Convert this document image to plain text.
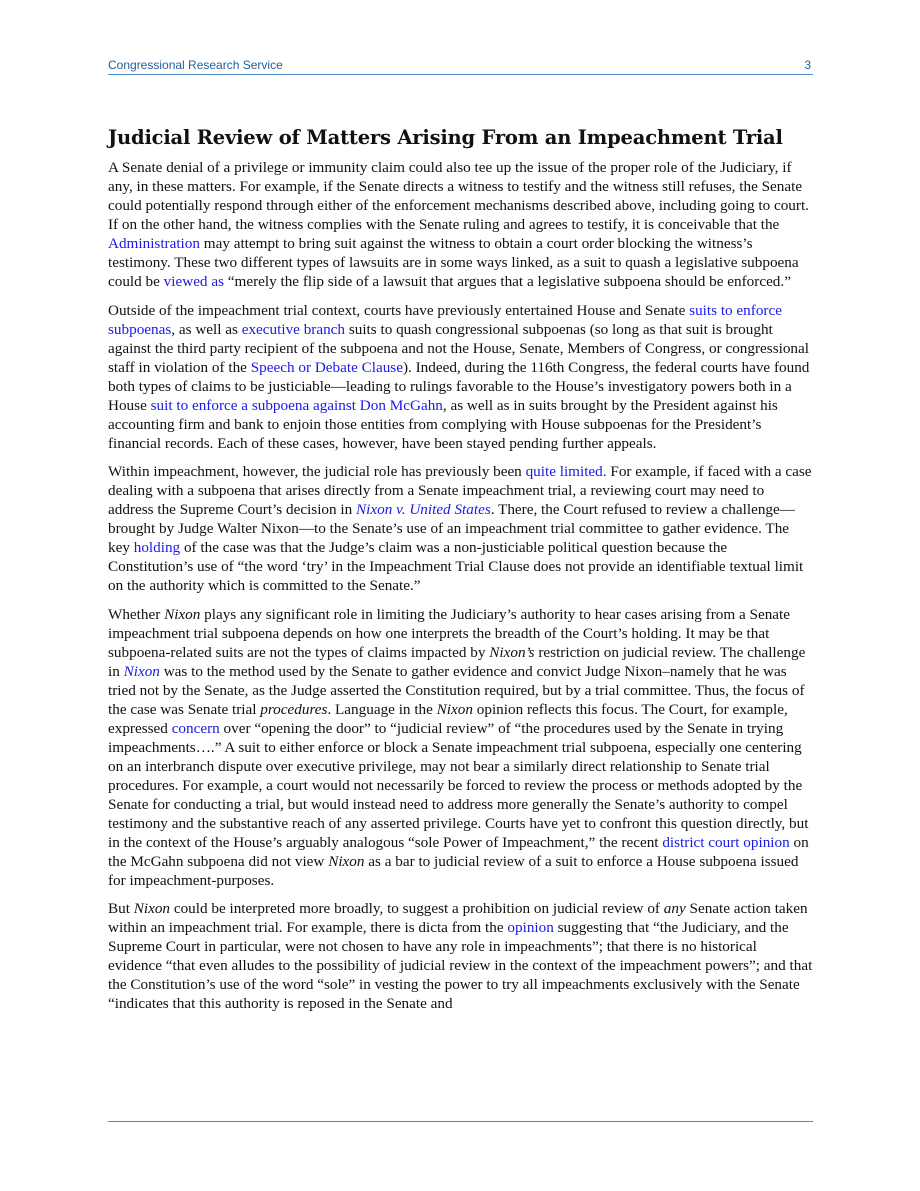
Congressional Research Service	3
Judicial Review of Matters Arising From an Impeachment Trial

A Senate denial of a privilege or immunity claim could also tee up the issue of the proper role of the Judiciary, if any, in these matters. For example, if the Senate directs a witness to testify and the witness still refuses, the Senate could potentially respond through either of the enforcement mechanisms described above, including going to court. If on the other hand, the witness complies with the Senate ruling and agrees to testify, it is conceivable that the Administration may attempt to bring suit against the witness to obtain a court order blocking the witness’s testimony. These two different types of lawsuits are in some ways linked, as a suit to quash a legislative subpoena could be viewed as “merely the flip side of a lawsuit that argues that a legislative subpoena should be enforced.”

Outside of the impeachment trial context, courts have previously entertained House and Senate suits to enforce subpoenas, as well as executive branch suits to quash congressional subpoenas (so long as that suit is brought against the third party recipient of the subpoena and not the House, Senate, Members of Congress, or congressional staff in violation of the Speech or Debate Clause). Indeed, during the 116th Congress, the federal courts have found both types of claims to be justiciable—leading to rulings favorable to the House’s investigatory powers both in a House suit to enforce a subpoena against Don McGahn, as well as in suits brought by the President against his accounting firm and bank to enjoin those entities from complying with House subpoenas for the President’s financial records. Each of these cases, however, have been stayed pending further appeals.

Within impeachment, however, the judicial role has previously been quite limited. For example, if faced with a case dealing with a subpoena that arises directly from a Senate impeachment trial, a reviewing court may need to address the Supreme Court’s decision in Nixon v. United States. There, the Court refused to review a challenge—brought by Judge Walter Nixon—to the Senate’s use of an impeachment trial committee to gather evidence. The key holding of the case was that the Judge’s claim was a non-justiciable political question because the Constitution’s use of “the word ‘try’ in the Impeachment Trial Clause does not provide an identifiable textual limit on the authority which is committed to the Senate.”

Whether Nixon plays any significant role in limiting the Judiciary’s authority to hear cases arising from a Senate impeachment trial subpoena depends on how one interprets the breadth of the Court’s holding. It may be that subpoena-related suits are not the types of claims impacted by Nixon’s restriction on judicial review. The challenge in Nixon was to the method used by the Senate to gather evidence and convict Judge Nixon–namely that he was tried not by the Senate, as the Judge asserted the Constitution required, but by a trial committee. Thus, the focus of the case was Senate trial procedures. Language in the Nixon opinion reflects this focus. The Court, for example, expressed concern over “opening the door” to “judicial review” of “the procedures used by the Senate in trying impeachments….” A suit to either enforce or block a Senate impeachment trial subpoena, especially one centering on an interbranch dispute over executive privilege, may not bear a similarly direct relationship to Senate trial procedures. For example, a court would not necessarily be forced to review the process or methods adopted by the Senate for conducting a trial, but would instead need to address more generally the Senate’s authority to compel testimony and the substantive reach of any asserted privilege. Courts have yet to confront this question directly, but in the context of the House’s arguably analogous “sole Power of Impeachment,” the recent district court opinion on the McGahn subpoena did not view Nixon as a bar to judicial review of a suit to enforce a House subpoena issued for impeachment-purposes.

But Nixon could be interpreted more broadly, to suggest a prohibition on judicial review of any Senate action taken within an impeachment trial. For example, there is dicta from the opinion suggesting that “the Judiciary, and the Supreme Court in particular, were not chosen to have any role in impeachments”; that there is no historical evidence “that even alludes to the possibility of judicial review in the context of the impeachment powers”; and that the Constitution’s use of the word “sole” in vesting the power to try all impeachments exclusively with the Senate “indicates that this authority is reposed in the Senate and
